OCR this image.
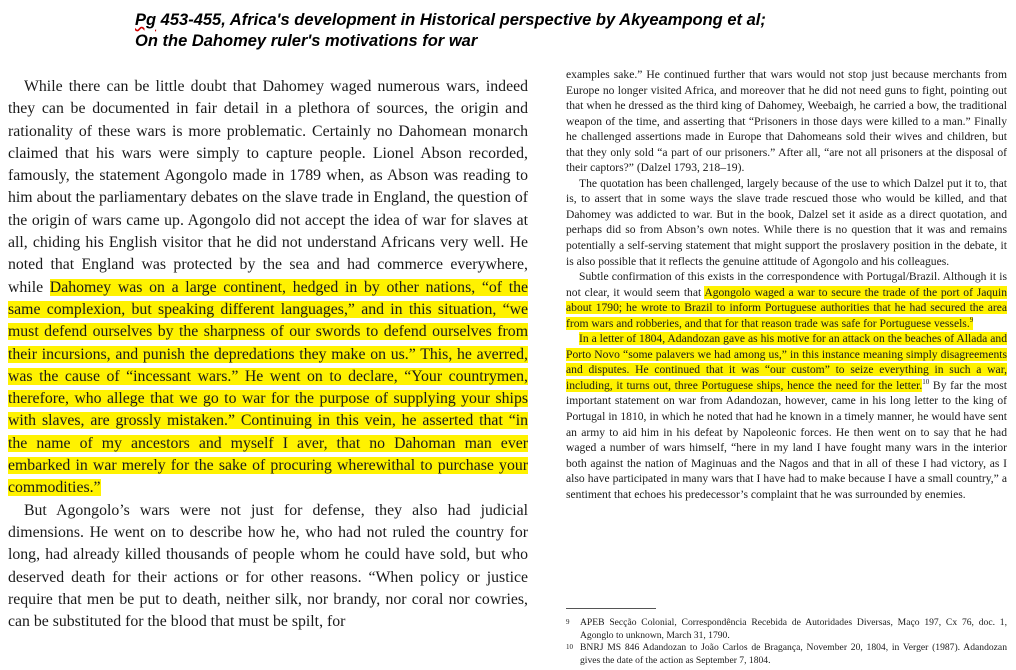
Pg 453-455, Africa's development in Historical perspective by Akyeampong et al;
On the Dahomey ruler's motivations for war

While there can be little doubt that Dahomey waged numerous wars, indeed they can be documented in fair detail in a plethora of sources, the origin and rationality of these wars is more problematic. Certainly no Dahomean monarch claimed that his wars were simply to capture people. Lionel Abson recorded, famously, the statement Agongolo made in 1789 when, as Abson was reading to him about the parliamentary debates on the slave trade in England, the question of the origin of wars came up. Agongolo did not accept the idea of war for slaves at all, chiding his English visitor that he did not understand Africans very well. He noted that England was protected by the sea and had commerce everywhere, while Dahomey was on a large continent, hedged in by other nations, “of the same complexion, but speaking different languages,” and in this situation, “we must defend ourselves by the sharpness of our swords to defend ourselves from their incursions, and punish the depredations they make on us.” This, he averred, was the cause of “incessant wars.” He went on to declare, “Your countrymen, therefore, who allege that we go to war for the purpose of supplying your ships with slaves, are grossly mistaken.” Continuing in this vein, he asserted that “in the name of my ancestors and myself I aver, that no Dahoman man ever embarked in war merely for the sake of procuring wherewithal to purchase your commodities.”

But Agongolo’s wars were not just for defense, they also had judicial dimensions. He went on to describe how he, who had not ruled the country for long, had already killed thousands of people whom he could have sold, but who deserved death for their actions or for other reasons. “When policy or justice require that men be put to death, neither silk, nor brandy, nor coral nor cowries, can be substituted for the blood that must be spilt, for

examples sake.” He continued further that wars would not stop just because merchants from Europe no longer visited Africa, and moreover that he did not need guns to fight, pointing out that when he dressed as the third king of Dahomey, Weebaigh, he carried a bow, the traditional weapon of the time, and asserting that “Prisoners in those days were killed to a man.” Finally he challenged assertions made in Europe that Dahomeans sold their wives and children, but that they only sold “a part of our prisoners.” After all, “are not all prisoners at the disposal of their captors?” (Dalzel 1793, 218–19).

The quotation has been challenged, largely because of the use to which Dalzel put it to, that is, to assert that in some ways the slave trade rescued those who would be killed, and that Dahomey was addicted to war. But in the book, Dalzel set it aside as a direct quotation, and perhaps did so from Abson’s own notes. While there is no question that it was and remains potentially a self-serving statement that might support the proslavery position in the debate, it is also possible that it reflects the genuine attitude of Agongolo and his colleagues.

Subtle confirmation of this exists in the correspondence with Portugal/Brazil. Although it is not clear, it would seem that Agongolo waged a war to secure the trade of the port of Jaquin about 1790; he wrote to Brazil to inform Portuguese authorities that he had secured the area from wars and robberies, and that for that reason trade was safe for Portuguese vessels.$^9$

In a letter of 1804, Adandozan gave as his motive for an attack on the beaches of Allada and Porto Novo “some palavers we had among us,” in this instance meaning simply disagreements and disputes. He continued that it was “our custom” to seize everything in such a war, including, it turns out, three Portuguese ships, hence the need for the letter.$^{10}$ By far the most important statement on war from Adandozan, however, came in his long letter to the king of Portugal in 1810, in which he noted that had he known in a timely manner, he would have sent an army to aid him in his defeat by Napoleonic forces. He then went on to say that he had waged a number of wars himself, “here in my land I have fought many wars in the interior both against the nation of Maginuas and the Nagos and that in all of these I had victory, as I also have participated in many wars that I have had to make because I have a small country,” a sentiment that echoes his predecessor’s complaint that he was surrounded by enemies.

9	APEB Secção Colonial, Correspondência Recebida de Autoridades Diversas, Maço 197, Cx 76, doc. 1, Agonglo to unknown, March 31, 1790.
10 BNRJ MS 846 Adandozan to João Carlos de Bragança, November 20, 1804, in Verger (1987). Adandozan gives the date of the action as September 7, 1804.
